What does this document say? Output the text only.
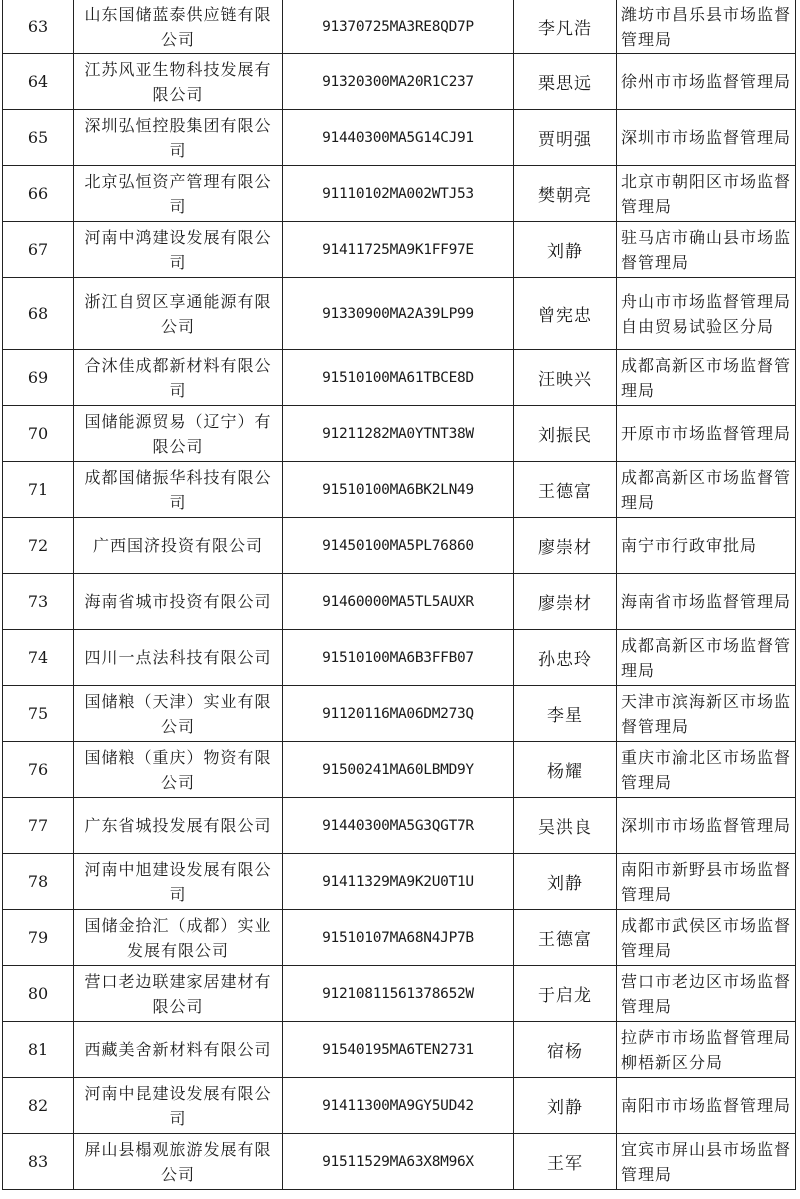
63	山东国储蓝泰供应链有限公司	91370725MA3RE8QD7P	李凡浩	潍坊市昌乐县市场监督管理局
64	江苏风亚生物科技发展有限公司	91320300MA20R1C237	栗思远	徐州市市场监督管理局
65	深圳弘恒控股集团有限公司	91440300MA5G14CJ91	贾明强	深圳市市场监督管理局
66	北京弘恒资产管理有限公司	91110102MA002WTJ53	樊朝亮	北京市朝阳区市场监督管理局
67	河南中鸿建设发展有限公司	91411725MA9K1FF97E	刘静	驻马店市确山县市场监督管理局
68	浙江自贸区享通能源有限公司	91330900MA2A39LP99	曾宪忠	舟山市市场监督管理局自由贸易试验区分局
69	合沐佳成都新材料有限公司	91510100MA61TBCE8D	汪映兴	成都高新区市场监督管理局
70	国储能源贸易（辽宁）有限公司	91211282MA0YTNT38W	刘振民	开原市市场监督管理局
71	成都国储振华科技有限公司	91510100MA6BK2LN49	王德富	成都高新区市场监督管理局
72	广西国济投资有限公司	91450100MA5PL76860	廖崇材	南宁市行政审批局
73	海南省城市投资有限公司	91460000MA5TL5AUXR	廖崇材	海南省市场监督管理局
74	四川一点法科技有限公司	91510100MA6B3FFB07	孙忠玲	成都高新区市场监督管理局
75	国储粮（天津）实业有限公司	91120116MA06DM273Q	李星	天津市滨海新区市场监督管理局
76	国储粮（重庆）物资有限公司	91500241MA60LBMD9Y	杨耀	重庆市渝北区市场监督管理局
77	广东省城投发展有限公司	91440300MA5G3QGT7R	吴洪良	深圳市市场监督管理局
78	河南中旭建设发展有限公司	91411329MA9K2U0T1U	刘静	南阳市新野县市场监督管理局
79	国储金拾汇（成都）实业发展有限公司	91510107MA68N4JP7B	王德富	成都市武侯区市场监督管理局
80	营口老边联建家居建材有限公司	91210811561378652W	于启龙	营口市老边区市场监督管理局
81	西藏美舍新材料有限公司	91540195MA6TEN2731	宿杨	拉萨市市场监督管理局柳梧新区分局
82	河南中昆建设发展有限公司	91411300MA9GY5UD42	刘静	南阳市市场监督管理局
83	屏山县榻观旅游发展有限公司	91511529MA63X8M96X	王军	宜宾市屏山县市场监督管理局
